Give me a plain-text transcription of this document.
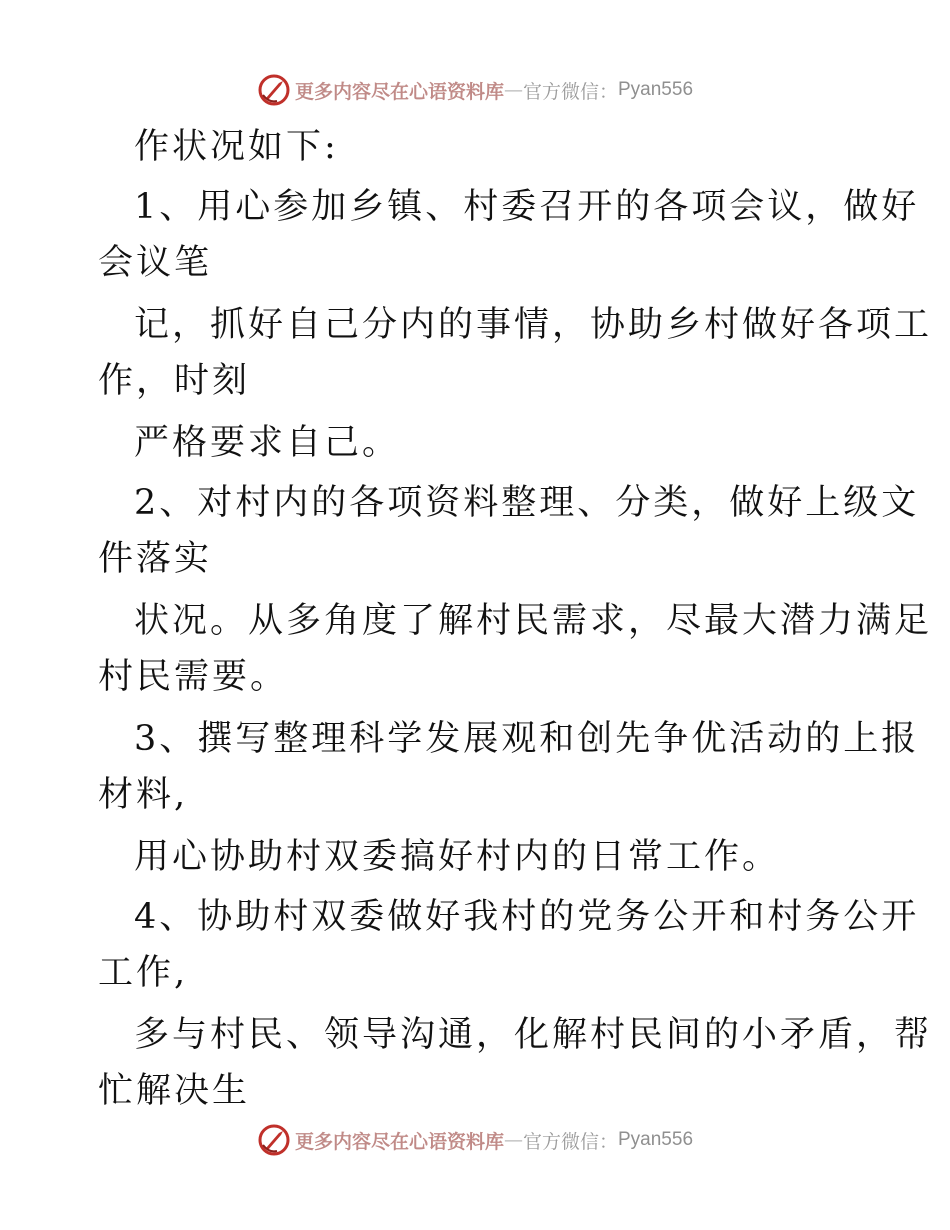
更多内容尽在心语资料库 — 官方微信： Pyan556
作状况如下:
1、用心参加乡镇、村委召开的各项会议，做好
会议笔
记，抓好自己分内的事情，协助乡村做好各项工
作，时刻
严格要求自己。
2、对村内的各项资料整理、分类，做好上级文
件落实
状况。从多角度了解村民需求，尽最大潜力满足
村民需要。
3、撰写整理科学发展观和创先争优活动的上报
材料,
用心协助村双委搞好村内的日常工作。
4、协助村双委做好我村的党务公开和村务公开
工作,
多与村民、领导沟通，化解村民间的小矛盾，帮
忙解决生
更多内容尽在心语资料库 — 官方微信： Pyan556
